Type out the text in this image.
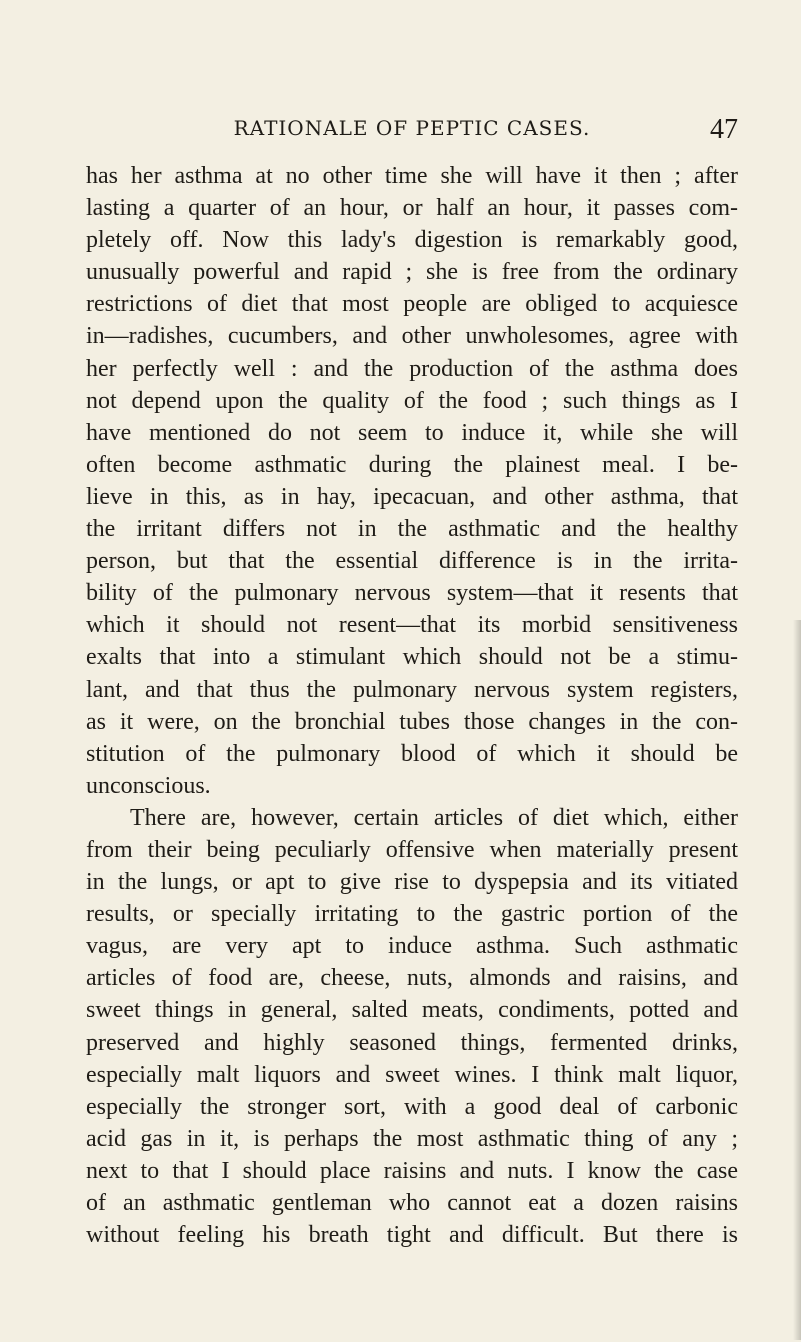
RATIONALE OF PEPTIC CASES.	47
has her asthma at no other time she will have it then ; after
lasting a quarter of an hour, or half an hour, it passes com-
pletely off. Now this lady's digestion is remarkably good,
unusually powerful and rapid ; she is free from the ordinary
restrictions of diet that most people are obliged to acquiesce
in—radishes, cucumbers, and other unwholesomes, agree with
her perfectly well : and the production of the asthma does
not depend upon the quality of the food ; such things as I
have mentioned do not seem to induce it, while she will
often become asthmatic during the plainest meal. I be-
lieve in this, as in hay, ipecacuan, and other asthma, that
the irritant differs not in the asthmatic and the healthy
person, but that the essential difference is in the irrita-
bility of the pulmonary nervous system—that it resents that
which it should not resent—that its morbid sensitiveness
exalts that into a stimulant which should not be a stimu-
lant, and that thus the pulmonary nervous system registers,
as it were, on the bronchial tubes those changes in the con-
stitution of the pulmonary blood of which it should be
unconscious.
There are, however, certain articles of diet which, either
from their being peculiarly offensive when materially present
in the lungs, or apt to give rise to dyspepsia and its vitiated
results, or specially irritating to the gastric portion of the
vagus, are very apt to induce asthma. Such asthmatic
articles of food are, cheese, nuts, almonds and raisins, and
sweet things in general, salted meats, condiments, potted and
preserved and highly seasoned things, fermented drinks,
especially malt liquors and sweet wines. I think malt liquor,
especially the stronger sort, with a good deal of carbonic
acid gas in it, is perhaps the most asthmatic thing of any ;
next to that I should place raisins and nuts. I know the case
of an asthmatic gentleman who cannot eat a dozen raisins
without feeling his breath tight and difficult. But there is
